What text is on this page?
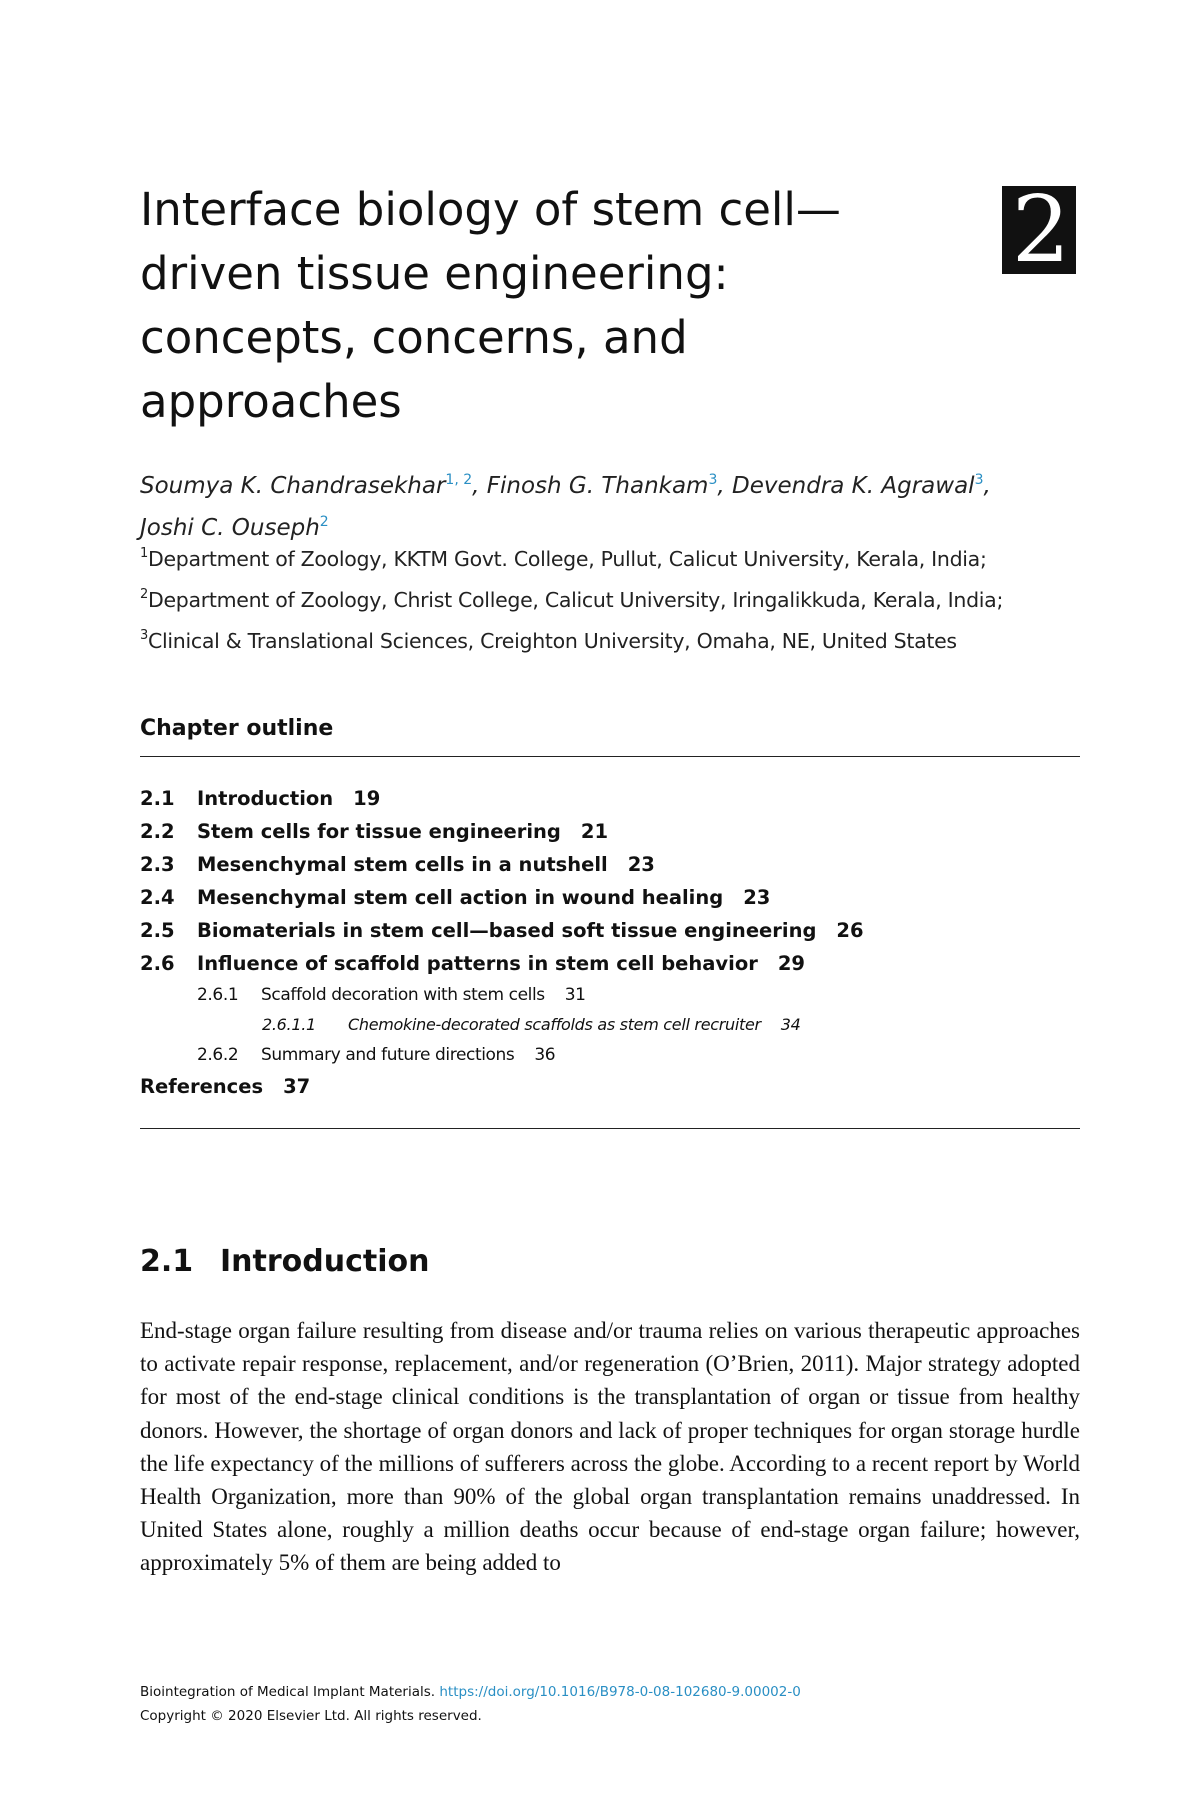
Interface biology of stem cell—driven tissue engineering: concepts, concerns, and approaches
2
Soumya K. Chandrasekhar$^{1, 2}$, Finosh G. Thankam$^3$, Devendra K. Agrawal$^3$,
Joshi C. Ouseph$^2$
$^1$Department of Zoology, KKTM Govt. College, Pullut, Calicut University, Kerala, India;
$^2$Department of Zoology, Christ College, Calicut University, Iringalikkuda, Kerala, India;
$^3$Clinical & Translational Sciences, Creighton University, Omaha, NE, United States
Chapter outline
2.1 Introduction 19
2.2 Stem cells for tissue engineering 21
2.3 Mesenchymal stem cells in a nutshell 23
2.4 Mesenchymal stem cell action in wound healing 23
2.5 Biomaterials in stem cell—based soft tissue engineering 26
2.6 Influence of scaffold patterns in stem cell behavior 29
2.6.1 Scaffold decoration with stem cells 31
2.6.1.1 Chemokine-decorated scaffolds as stem cell recruiter 34
2.6.2 Summary and future directions 36
References 37
2.1 Introduction

End-stage organ failure resulting from disease and/or trauma relies on various therapeutic approaches to activate repair response, replacement, and/or regeneration (O’Brien, 2011). Major strategy adopted for most of the end-stage clinical conditions is the transplantation of organ or tissue from healthy donors. However, the shortage of organ donors and lack of proper techniques for organ storage hurdle the life expectancy of the millions of sufferers across the globe. According to a recent report by World Health Organization, more than 90% of the global organ transplantation remains unaddressed. In United States alone, roughly a million deaths occur because of end-stage organ failure; however, approximately 5% of them are being added to

Biointegration of Medical Implant Materials. https://doi.org/10.1016/B978-0-08-102680-9.00002-0
Copyright © 2020 Elsevier Ltd. All rights reserved.
